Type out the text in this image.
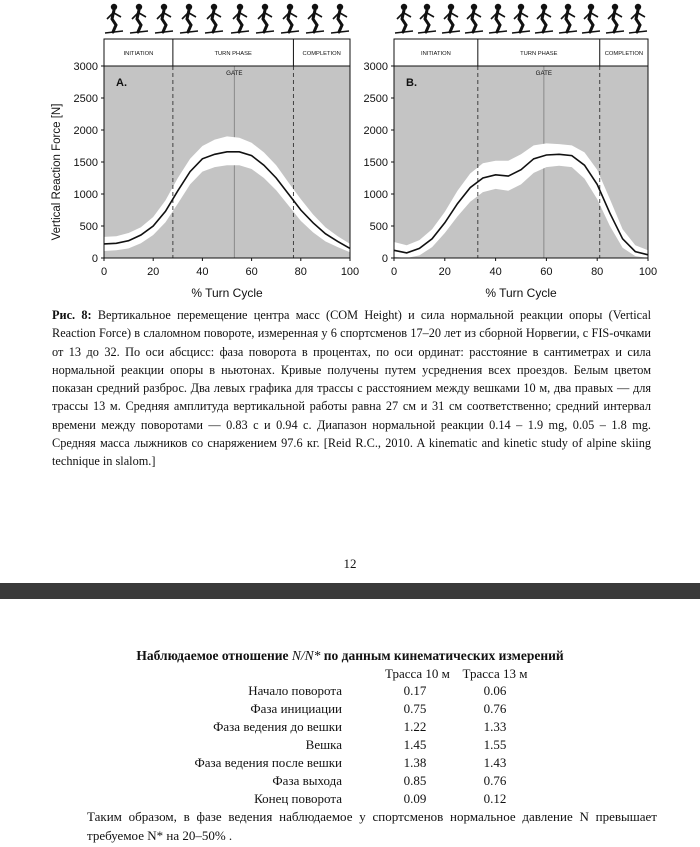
INITIATION	TURN PHASE	COMPLETION
GATE
A.
0
500
1000
1500
2000
2500
3000
0	20	40	60	80	100
% Turn Cycle
Vertical Reaction Force [N]
INITIATION	TURN PHASE	COMPLETION
GATE
B.
0
500
1000
1500
2000
2500
3000
0	20	40	60	80	100
% Turn Cycle
Рис. 8: Вертикальное перемещение центра масс (COM Height) и сила нормальной реакции опоры (Vertical Reaction Force) в слаломном повороте, измеренная у 6 спортсменов 17–20 лет из сборной Норвегии, с FIS-очками от 13 до 32. По оси абсцисс: фаза поворота в процентах, по оси ординат: расстояние в сантиметрах и сила нормальной реакции опоры в ньютонах. Кривые получены путем усреднения всех проездов. Белым цветом показан средний разброс. Два левых графика для трассы с расстоянием между вешками 10 м, два правых — для трассы 13 м. Средняя амплитуда вертикальной работы равна 27 см и 31 см соответственно; средний интервал времени между поворотами — 0.83 с и 0.94 с. Диапазон нормальной реакции 0.14 – 1.9 mg, 0.05 – 1.8 mg. Средняя масса лыжников со снаряжением 97.6 кг. [Reid R.C., 2010. A kinematic and kinetic study of alpine skiing technique in slalom.]
12
Наблюдаемое отношение N/N* по данным кинематических измерений
Трасса 10 м Трасса 13 м
Начало поворота	0.17	0.06
Фаза инициации	0.75	0.76
Фаза ведения до вешки	1.22	1.33
Вешка	1.45	1.55
Фаза ведения после вешки	1.38	1.43
Фаза выхода	0.85	0.76
Конец поворота	0.09	0.12
Таким образом, в фазе ведения наблюдаемое у спортсменов нормальное давление N превышает требуемое N* на 20–50% .
